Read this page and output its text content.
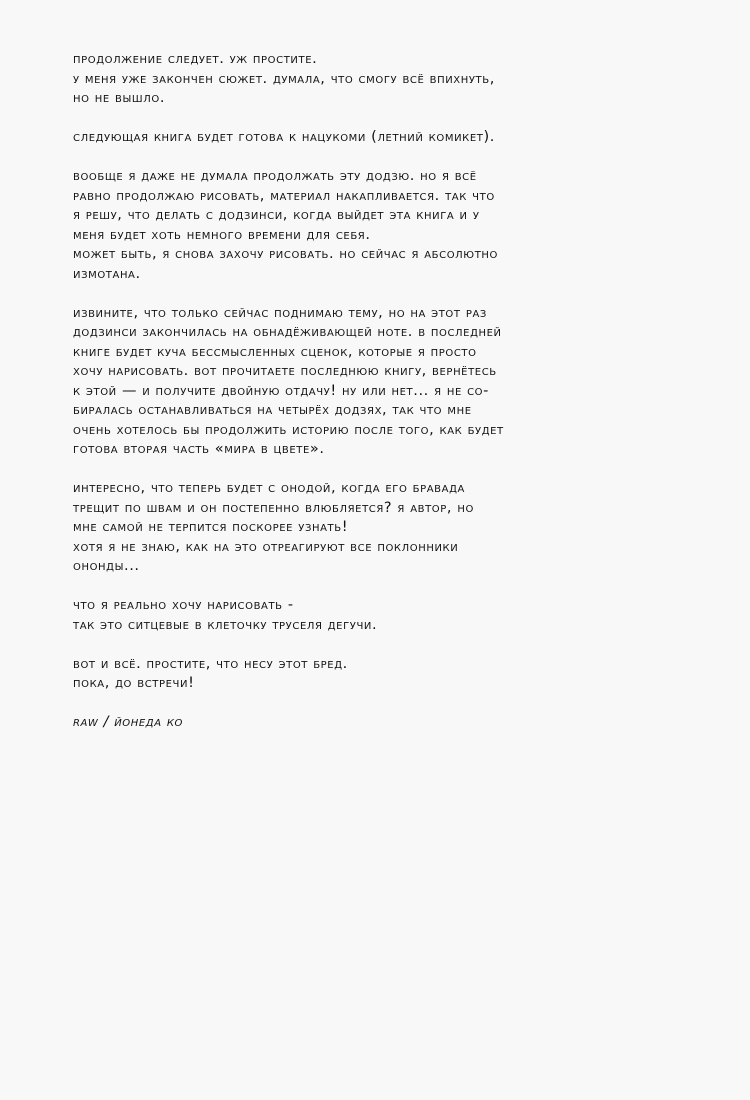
продолжение следует. уж простите.
у меня уже закончен сюжет. думала, что смогу всё впихнуть,
но не вышло.
следующая книга будет готова к нацукоми (летний комикет).
вообще я даже не думала продолжать эту додзю. но я всё
равно продолжаю рисовать, материал накапливается. так что
я решу, что делать с додзинси, когда выйдет эта книга и у
меня будет хоть немного времени для себя.
может быть, я снова захочу рисовать. но сейчас я абсолютно
измотана.
извините, что только сейчас поднимаю тему, но на этот раз
додзинси закончилась на обнадёживающей ноте. в последней
книге будет куча бессмысленных сценок, которые я просто
хочу нарисовать. вот прочитаете последнюю книгу, вернётесь
к этой — и получите двойную отдачу! ну или нет... я не со-
биралась останавливаться на четырёх додзях, так что мне
очень хотелось бы продолжить историю после того, как будет
готова вторая часть «мира в цвете».
интересно, что теперь будет с онодой, когда его бравада
трещит по швам и он постепенно влюбляется? я автор, но
мне самой не терпится поскорее узнать!
хотя я не знаю, как на это отреагируют все поклонники
ононды...
что я реально хочу нарисовать -
так это ситцевые в клеточку труселя дегучи.
вот и всё. простите, что несу этот бред.
пока, до встречи!
raw / йонеда ко
